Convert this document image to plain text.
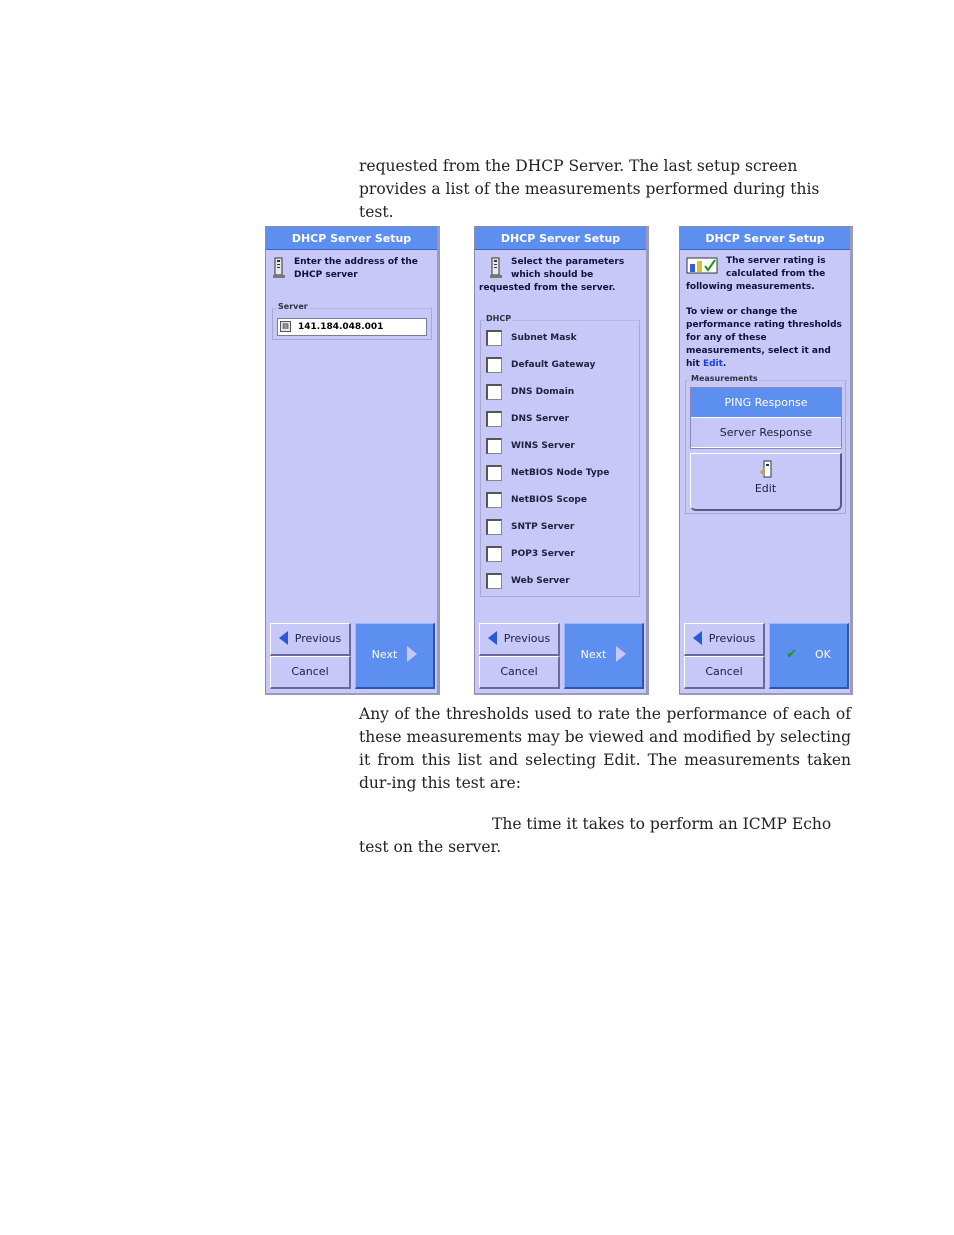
requested from the DHCP Server. The last setup screen provides a list of the measurements performed during this test.

DHCP Server Setup
Enter the address of the DHCP server
Server
▤ 141.184.048.001
Previous
Cancel
Next
DHCP Server Setup
Select the parameters which should be requested from the server.
DHCP
Subnet Mask
Default Gateway
DNS Domain
DNS Server
WINS Server
NetBIOS Node Type
NetBIOS Scope
SNTP Server
POP3 Server
Web Server
Previous
Cancel
Next
DHCP Server Setup
The server rating is calculated from the following measurements.
To view or change the performance rating thresholds for any of these measurements, select it and hit Edit.
Measurements
PING Response
Server Response
Edit
Previous
Cancel
✔ OK

Any of the thresholds used to rate the performance of each of these measurements may be viewed and modified by selecting it from this list and selecting Edit. The measurements taken dur-ing this test are:

The time it takes to perform an ICMP Echo test on the server.
